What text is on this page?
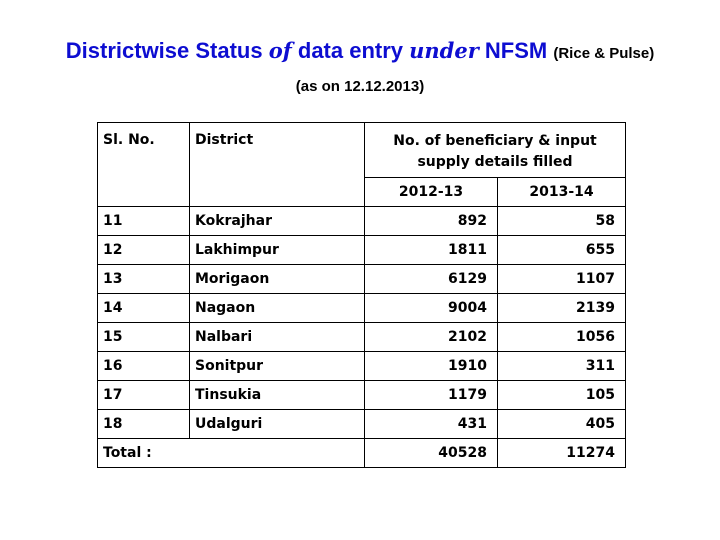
Districtwise Status of data entry under NFSM (Rice & Pulse)
(as on 12.12.2013)
Sl. No.	District	No. of beneficiary & input supply details filled	
		2012-13	2013-14
11	Kokrajhar	892	58
12	Lakhimpur	1811	655
13	Morigaon	6129	1107
14	Nagaon	9004	2139
15	Nalbari	2102	1056
16	Sonitpur	1910	311
17	Tinsukia	1179	105
18	Udalguri	431	405
Total :		40528	11274
